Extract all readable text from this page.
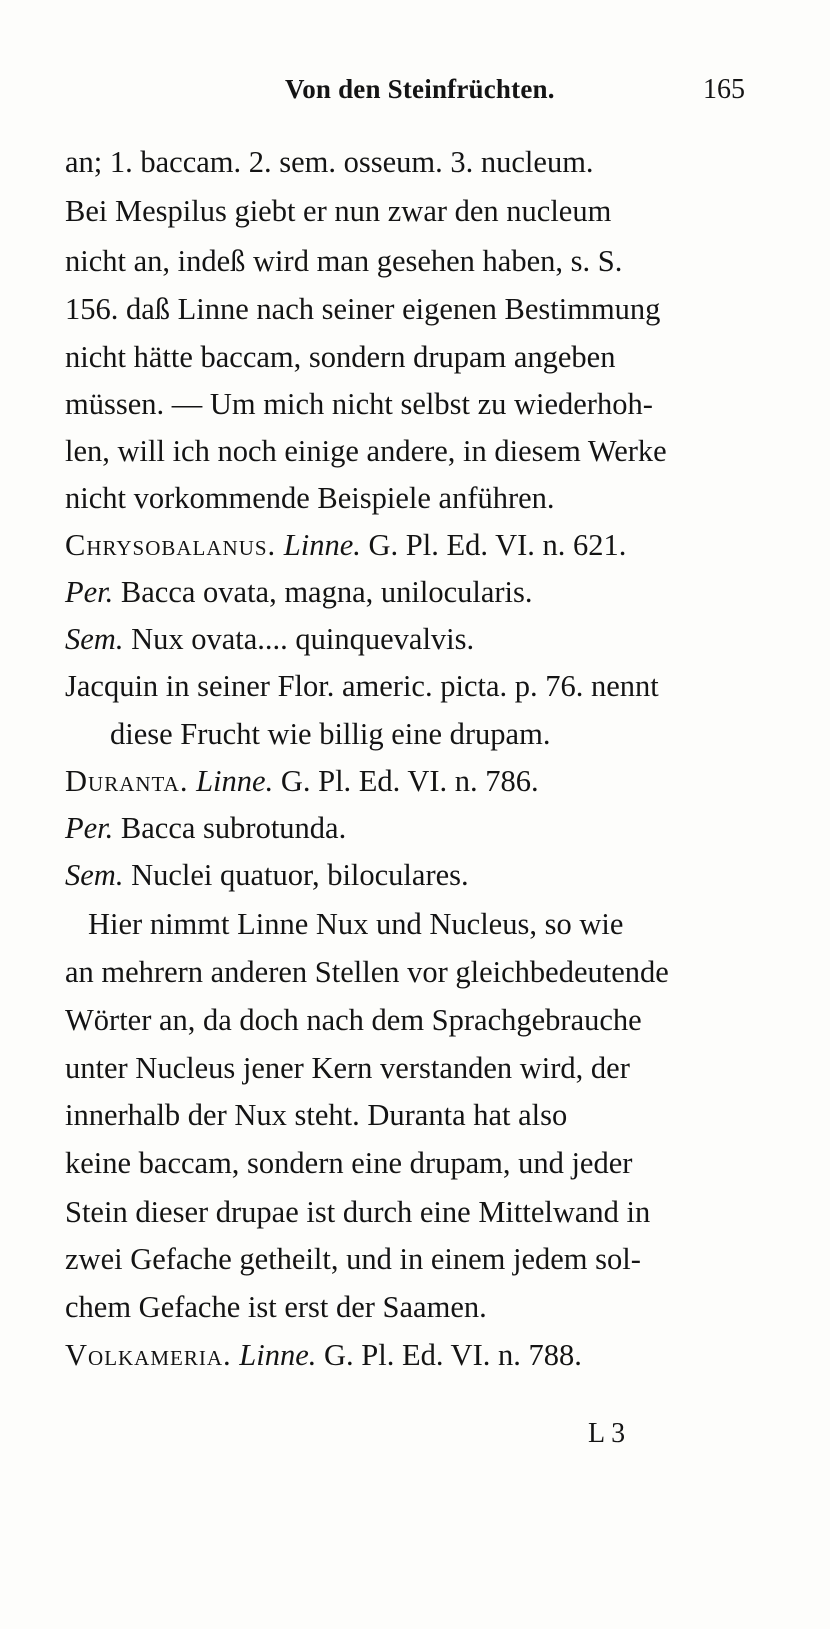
Von den Steinfrüchten.	165
an; 1. baccam. 2. sem. osseum. 3. nucleum.
Bei Mespilus giebt er nun zwar den nucleum
nicht an, indeß wird man gesehen haben, s. S.
156. daß Linne nach seiner eigenen Bestimmung
nicht hätte baccam, sondern drupam angeben
müssen. — Um mich nicht selbst zu wiederhoh-
len, will ich noch einige andere, in diesem Werke
nicht vorkommende Beispiele anführen.
Chrysobalanus. Linne. G. Pl. Ed. VI. n. 621.
Per. Bacca ovata, magna, unilocularis.
Sem. Nux ovata.... quinquevalvis.
Jacquin in seiner Flor. americ. picta. p. 76. nennt
diese Frucht wie billig eine drupam.
Duranta. Linne. G. Pl. Ed. VI. n. 786.
Per. Bacca subrotunda.
Sem. Nuclei quatuor, biloculares.
Hier nimmt Linne Nux und Nucleus, so wie
an mehrern anderen Stellen vor gleichbedeutende
Wörter an, da doch nach dem Sprachgebrauche
unter Nucleus jener Kern verstanden wird, der
innerhalb der Nux steht. Duranta hat also
keine baccam, sondern eine drupam, und jeder
Stein dieser drupae ist durch eine Mittelwand in
zwei Gefache getheilt, und in einem jedem sol-
chem Gefache ist erst der Saamen.
Volkameria. Linne. G. Pl. Ed. VI. n. 788.
L 3
